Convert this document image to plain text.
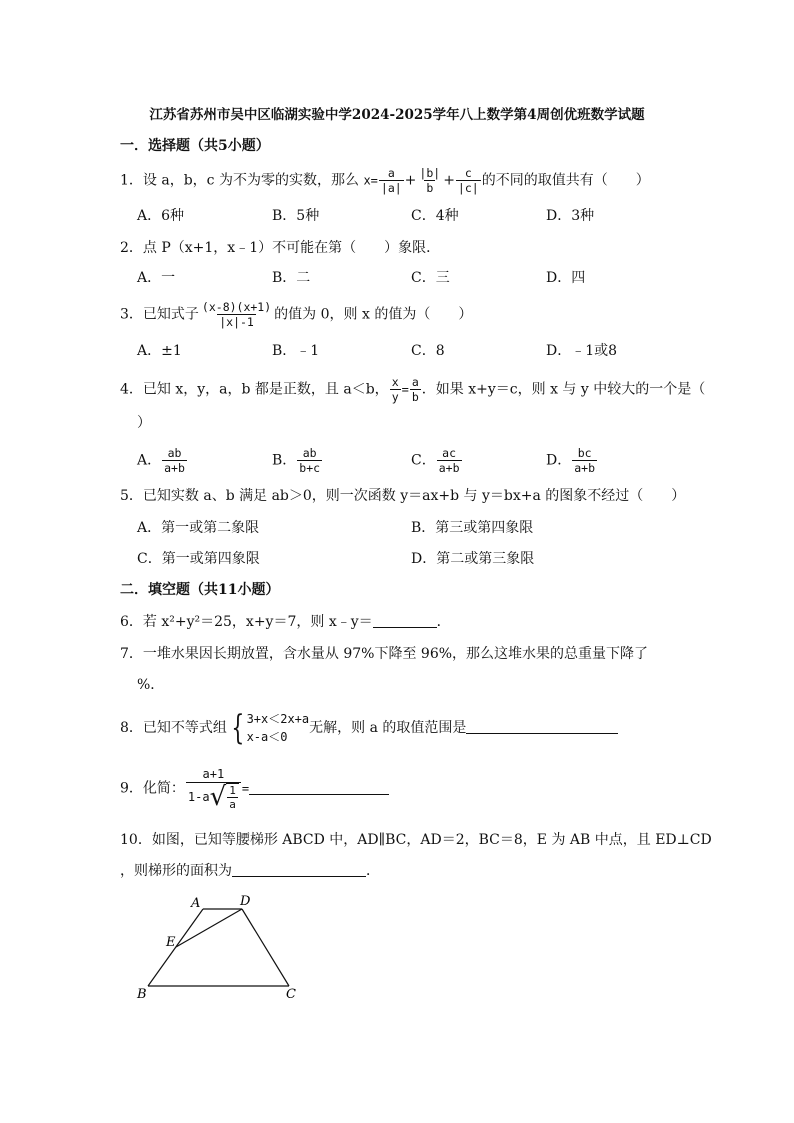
江苏省苏州市吴中区临湖实验中学2024-2025学年八上数学第4周创优班数学试题
一．选择题（共5小题）
1．设 a，b，c 为不为零的实数，那么 $x= \frac{a}{|a|} + \frac{|b|}{b} + \frac{c}{|c|}$ 的不同的取值共有（　　）
A．6种	B．5种	C．4种	D．3种
2．点 P（x+1，x﹣1）不可能在第（　　）象限．
A．一	B．二	C．三	D．四
3．已知式子 $\frac{(x-8)(x+1)}{|x|-1}$ 的值为 0，则 x 的值为（　　）
A．±1	B．﹣1	C．8	D．﹣1或8
4．已知 x，y，a，b 都是正数，且 a＜b， $\frac{x}{y} = \frac{a}{b}$ ．如果 x+y＝c，则 x 与 y 中较大的一个是（
）
A． $\frac{ab}{a+b}$	B． $\frac{ab}{b+c}$	C． $\frac{ac}{a+b}$	D． $\frac{bc}{a+b}$
5．已知实数 a、b 满足 ab＞0，则一次函数 y＝ax+b 与 y＝bx+a 的图象不经过（　　）
A．第一或第二象限	B．第三或第四象限
C．第一或第四象限	D．第二或第三象限
二．填空题（共11小题）
6．若 x²+y²＝25，x+y＝7，则 x﹣y＝	．
7．一堆水果因长期放置，含水量从 97%下降至 96%，那么这堆水果的总重量下降了
%．
8．已知不等式组 { 3+x＜2x+a
x-a＜0
无解，则 a 的取值范围是
9．化简： $\frac{a+1}{1-a √ \frac{1}{a}}$ =
10．如图，已知等腰梯形 ABCD 中，AD∥BC，AD＝2，BC＝8，E 为 AB 中点，且 ED⊥CD
，则梯形的面积为	．
A	D
E
B	C
